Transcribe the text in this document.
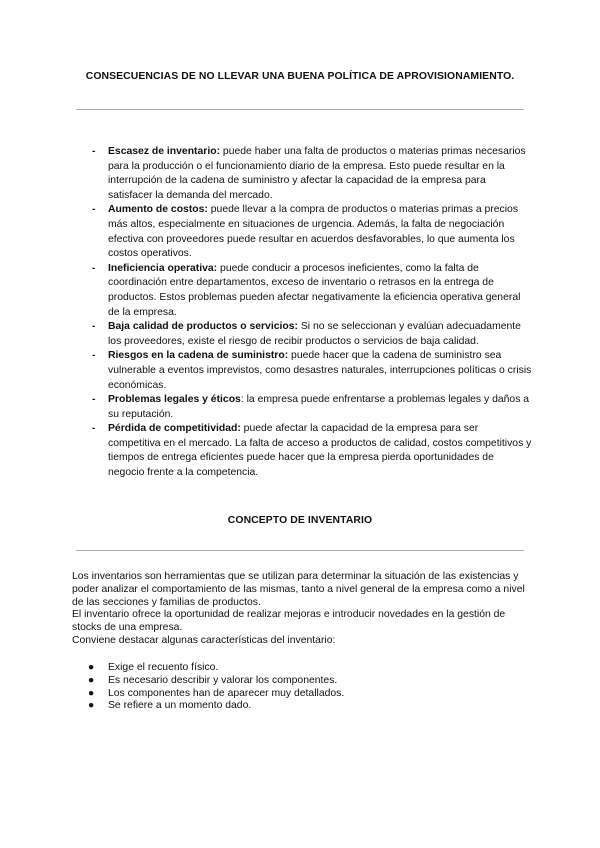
CONSECUENCIAS DE NO LLEVAR UNA BUENA POLÍTICA DE APROVISIONAMIENTO.
- Escasez de inventario: puede haber una falta de productos o materias primas necesarios para la producción o el funcionamiento diario de la empresa. Esto puede resultar en la interrupción de la cadena de suministro y afectar la capacidad de la empresa para satisfacer la demanda del mercado.
- Aumento de costos: puede llevar a la compra de productos o materias primas a precios más altos, especialmente en situaciones de urgencia. Además, la falta de negociación efectiva con proveedores puede resultar en acuerdos desfavorables, lo que aumenta los costos operativos.
- Ineficiencia operativa: puede conducir a procesos ineficientes, como la falta de coordinación entre departamentos, exceso de inventario o retrasos en la entrega de productos. Estos problemas pueden afectar negativamente la eficiencia operativa general de la empresa.
- Baja calidad de productos o servicios: Si no se seleccionan y evalúan adecuadamente los proveedores, existe el riesgo de recibir productos o servicios de baja calidad.
- Riesgos en la cadena de suministro: puede hacer que la cadena de suministro sea vulnerable a eventos imprevistos, como desastres naturales, interrupciones políticas o crisis económicas.
- Problemas legales y éticos: la empresa puede enfrentarse a problemas legales y daños a su reputación.
- Pérdida de competitividad: puede afectar la capacidad de la empresa para ser competitiva en el mercado. La falta de acceso a productos de calidad, costos competitivos y tiempos de entrega eficientes puede hacer que la empresa pierda oportunidades de negocio frente a la competencia.
CONCEPTO DE INVENTARIO

Los inventarios son herramientas que se utilizan para determinar la situación de las existencias y poder analizar el comportamiento de las mismas, tanto a nivel general de la empresa como a nivel de las secciones y familias de productos.

El inventario ofrece la oportunidad de realizar mejoras e introducir novedades en la gestión de stocks de una empresa.

Conviene destacar algunas características del inventario:

● Exige el recuento físico.
● Es necesario describir y valorar los componentes.
● Los componentes han de aparecer muy detallados.
● Se refiere a un momento dado.
